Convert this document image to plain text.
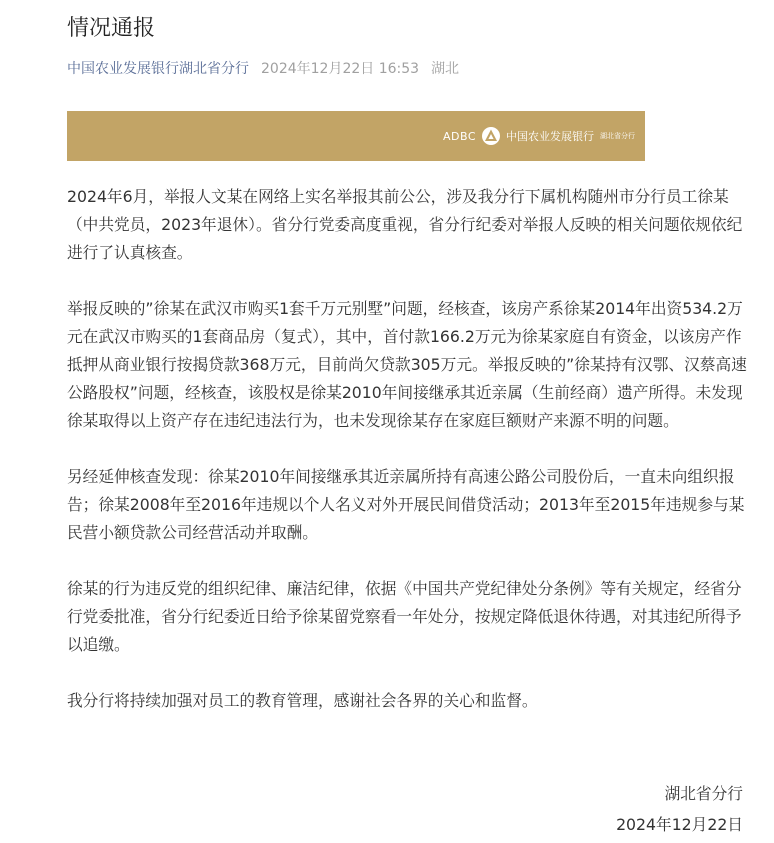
情况通报
中国农业发展银行湖北省分行 2024年12月22日 16:53 湖北
ADBC	中国农业发展银行 湖北省分行

2024年6月，举报人文某在网络上实名举报其前公公，涉及我分行下属机构随州市分行员工徐某（中共党员，2023年退休）。省分行党委高度重视，省分行纪委对举报人反映的相关问题依规依纪进行了认真核查。

举报反映的”徐某在武汉市购买1套千万元别墅”问题，经核查，该房产系徐某2014年出资534.2万元在武汉市购买的1套商品房（复式），其中，首付款166.2万元为徐某家庭自有资金，以该房产作抵押从商业银行按揭贷款368万元，目前尚欠贷款305万元。举报反映的”徐某持有汉鄂、汉蔡高速公路股权”问题，经核查，该股权是徐某2010年间接继承其近亲属（生前经商）遗产所得。未发现徐某取得以上资产存在违纪违法行为，也未发现徐某存在家庭巨额财产来源不明的问题。

另经延伸核查发现：徐某2010年间接继承其近亲属所持有高速公路公司股份后，一直未向组织报告；徐某2008年至2016年违规以个人名义对外开展民间借贷活动；2013年至2015年违规参与某民营小额贷款公司经营活动并取酬。

徐某的行为违反党的组织纪律、廉洁纪律，依据《中国共产党纪律处分条例》等有关规定，经省分行党委批准，省分行纪委近日给予徐某留党察看一年处分，按规定降低退休待遇，对其违纪所得予以追缴。

我分行将持续加强对员工的教育管理，感谢社会各界的关心和监督。

湖北省分行
2024年12月22日
